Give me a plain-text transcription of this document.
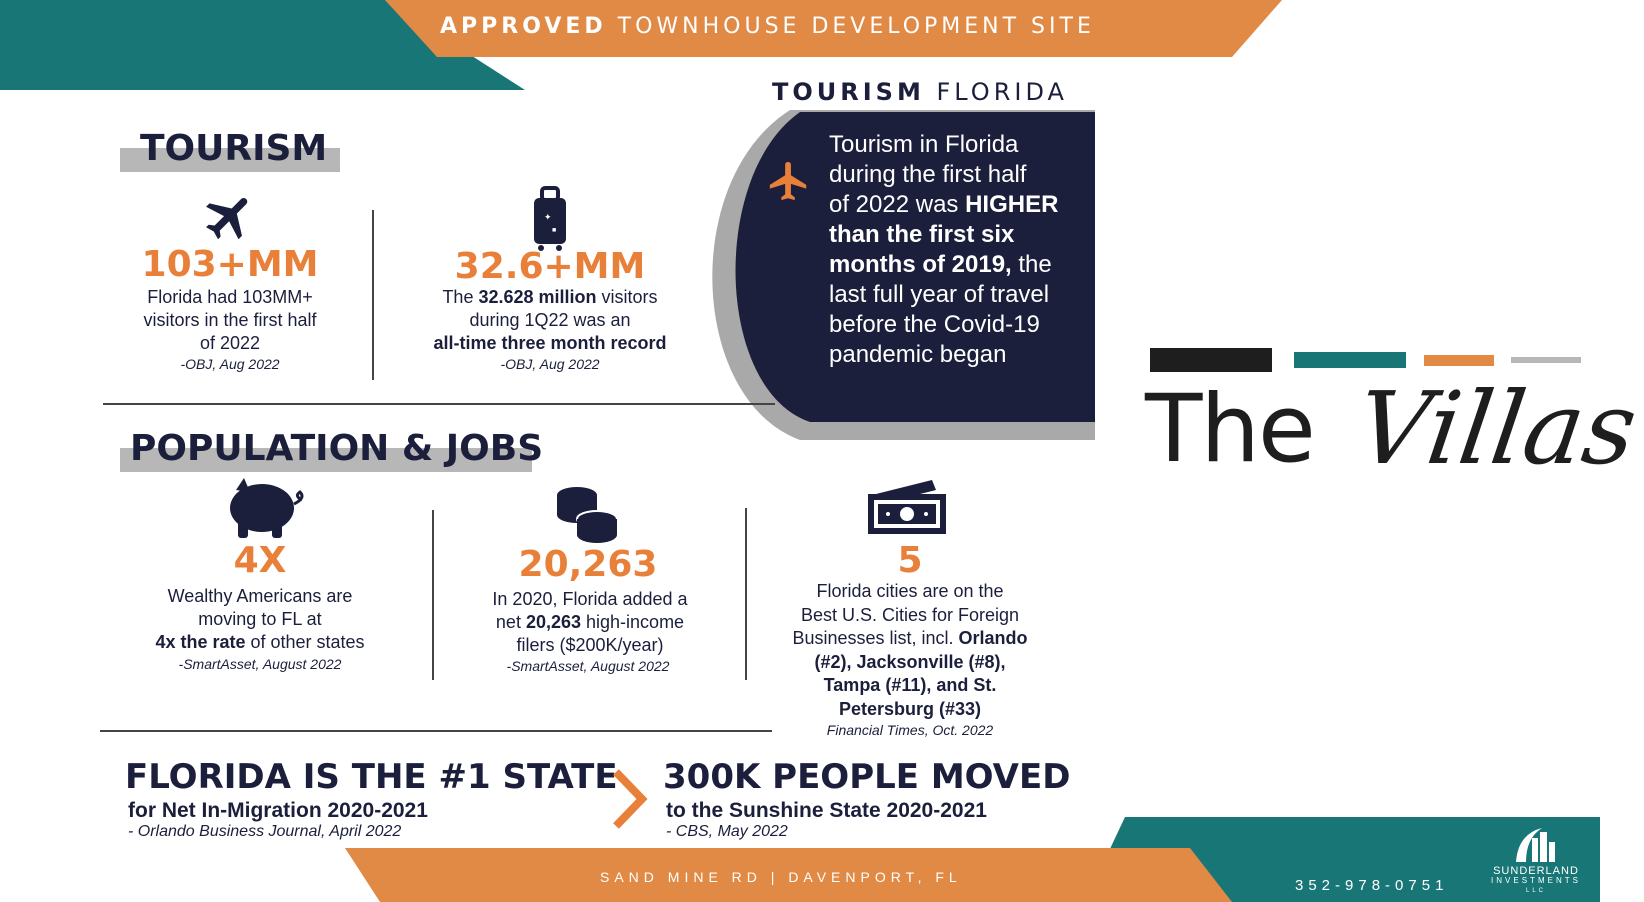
APPROVED TOWNHOUSE DEVELOPMENT SITE
TOURISM FLORIDA
TOURISM
103+MM
Florida had 103MM+
visitors in the first half
of 2022
-OBJ, Aug 2022
✦
■
32.6+MM
The 32.628 million visitors
during 1Q22 was an
all-time three month record
-OBJ, Aug 2022
Tourism in Florida
during the first half
of 2022 was HIGHER
than the first six
months of 2019, the
last full year of travel
before the Covid-19
pandemic began
POPULATION & JOBS
4X
Wealthy Americans are
moving to FL at
4x the rate of other states
-SmartAsset, August 2022
20,263
In 2020, Florida added a
net 20,263 high-income
filers ($200K/year)
-SmartAsset, August 2022
5
Florida cities are on the
Best U.S. Cities for Foreign
Businesses list, incl. Orlando
(#2), Jacksonville (#8),
Tampa (#11), and St.
Petersburg (#33)
Financial Times, Oct. 2022
FLORIDA IS THE #1 STATE
for Net In-Migration 2020-2021
- Orlando Business Journal, April 2022
300K PEOPLE MOVED
to the Sunshine State 2020-2021
- CBS, May 2022
SAND MINE RD | DAVENPORT, FL	352-978-0751
SUNDERLAND
INVESTMENTS
LLC
The Villas
